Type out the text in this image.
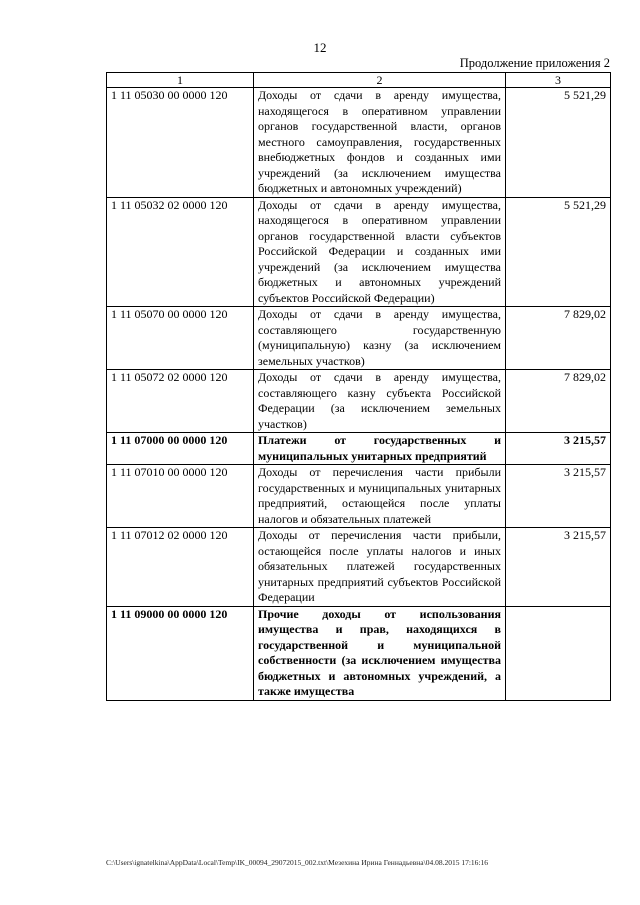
12
Продолжение приложения 2
1	2	3
1 11 05030 00 0000 120	Доходы от сдачи в аренду имущества, находящегося в оперативном управлении органов государственной власти, органов местного самоуправления, государственных внебюджетных фондов и созданных ими учреждений (за исключением имущества бюджетных и автономных учреждений)	5 521,29
1 11 05032 02 0000 120	Доходы от сдачи в аренду имущества, находящегося в оперативном управлении органов государственной власти субъектов Российской Федерации и созданных ими учреждений (за исключением имущества бюджетных и автономных учреждений субъектов Российской Федерации)	5 521,29
1 11 05070 00 0000 120	Доходы от сдачи в аренду имущества, составляющего государственную (муниципальную) казну (за исключением земельных участков)	7 829,02
1 11 05072 02 0000 120	Доходы от сдачи в аренду имущества, составляющего казну субъекта Российской Федерации (за исключением земельных участков)	7 829,02
1 11 07000 00 0000 120	Платежи от государственных и муниципальных унитарных предприятий	3 215,57
1 11 07010 00 0000 120	Доходы от перечисления части прибыли государственных и муниципальных унитарных предприятий, остающейся после уплаты налогов и обязательных платежей	3 215,57
1 11 07012 02 0000 120	Доходы от перечисления части прибыли, остающейся после уплаты налогов и иных обязательных платежей государственных унитарных предприятий субъектов Российской Федерации	3 215,57
1 11 09000 00 0000 120	Прочие доходы от использования имущества и прав, находящихся в государственной и муниципальной собственности (за исключением имущества бюджетных и автономных учреждений, а также имущества	
C:\Users\ignatelkina\AppData\Local\Temp\IK_00094_29072015_002.txt\Мезехина Ирина Геннадьевна\04.08.2015 17:16:16
